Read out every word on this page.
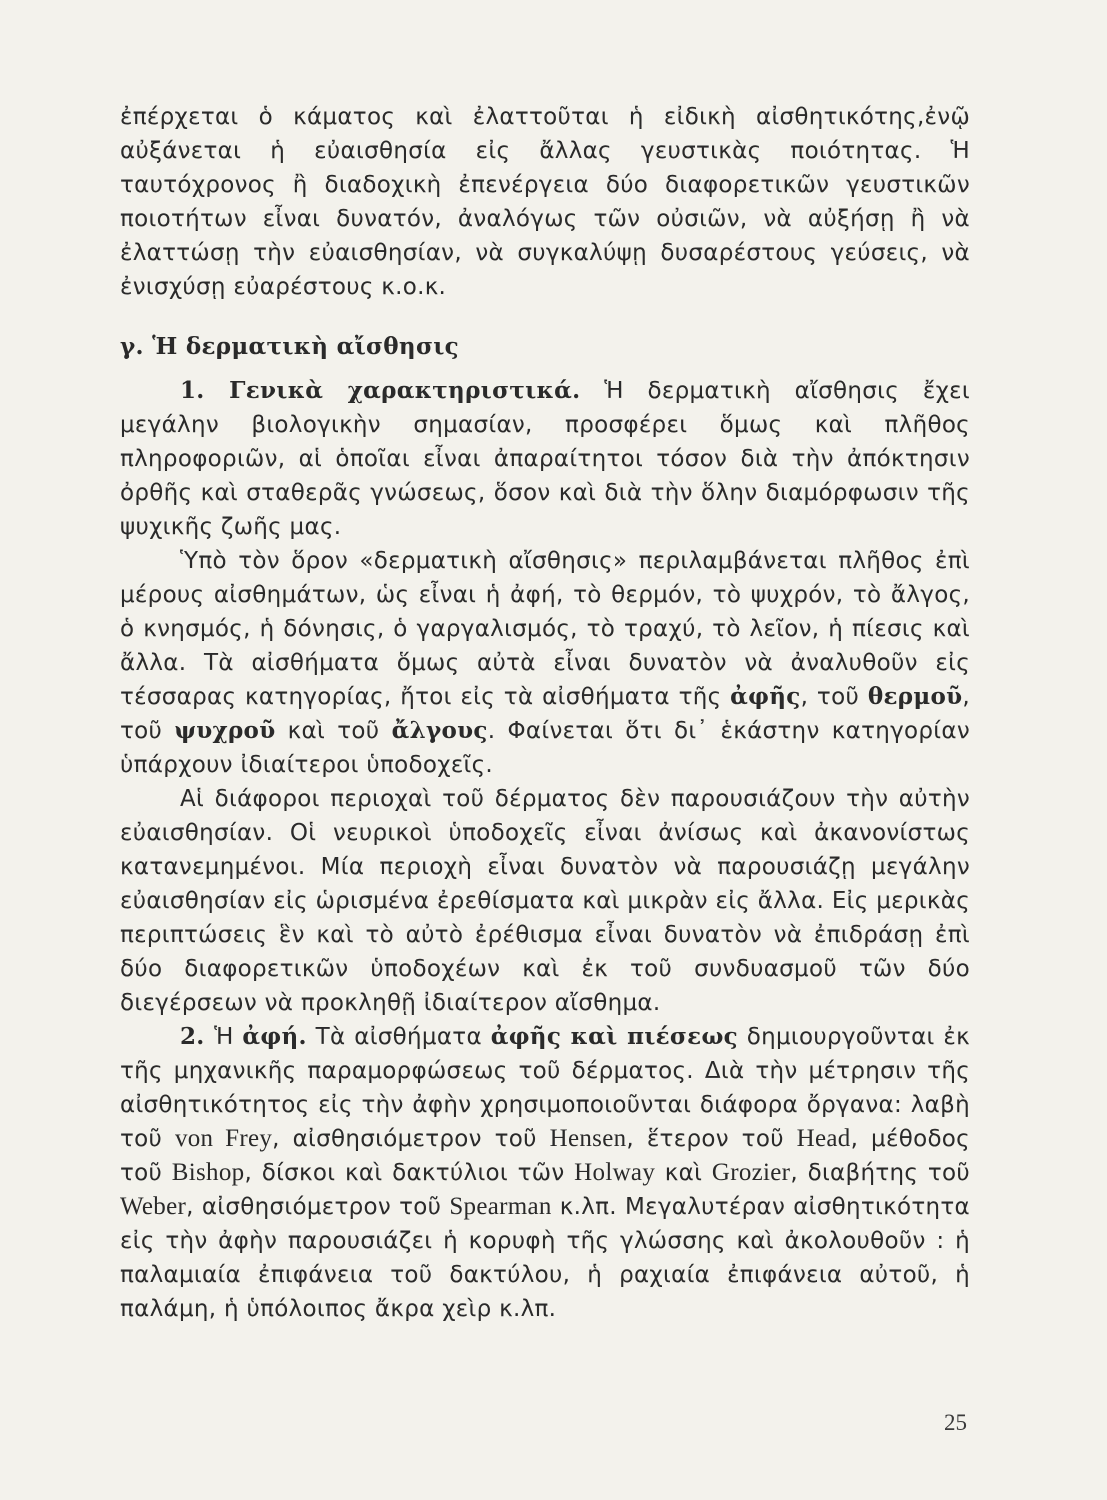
ἐπέρχεται ὁ κάματος καὶ ἐλαττοῦται ἡ εἰδικὴ αἰσθητικότης,ἐνῷ αὐξάνεται ἡ εὐαισθησία εἰς ἄλλας γευστικὰς ποιότητας. Ἡ ταυτόχρονος ἢ διαδοχικὴ ἐπενέργεια δύο διαφορετικῶν γευστικῶν ποιοτήτων εἶναι δυνατόν, ἀναλόγως τῶν οὐσιῶν, νὰ αὐξήσῃ ἢ νὰ ἐλαττώσῃ τὴν εὐαισθησίαν, νὰ συγκαλύψῃ δυσαρέστους γεύσεις, νὰ ἐνισχύσῃ εὐαρέστους κ.ο.κ.

γ. Ἡ δερματικὴ αἴσθησις

1. Γενικὰ χαρακτηριστικά. Ἡ δερματικὴ αἴσθησις ἔχει μεγάλην βιολογικὴν σημασίαν, προσφέρει ὅμως καὶ πλῆθος πληροφοριῶν, αἱ ὁποῖαι εἶναι ἀπαραίτητοι τόσον διὰ τὴν ἀπόκτησιν ὀρθῆς καὶ σταθερᾶς γνώσεως, ὅσον καὶ διὰ τὴν ὅλην διαμόρφωσιν τῆς ψυχικῆς ζωῆς μας.

Ὑπὸ τὸν ὅρον «δερματικὴ αἴσθησις» περιλαμβάνεται πλῆθος ἐπὶ μέρους αἰσθημάτων, ὡς εἶναι ἡ ἀφή, τὸ θερμόν, τὸ ψυχρόν, τὸ ἄλγος, ὁ κνησμός, ἡ δόνησις, ὁ γαργαλισμός, τὸ τραχύ, τὸ λεῖον, ἡ πίεσις καὶ ἄλλα. Τὰ αἰσθήματα ὅμως αὐτὰ εἶναι δυνατὸν νὰ ἀναλυθοῦν εἰς τέσσαρας κατηγορίας, ἤτοι εἰς τὰ αἰσθήματα τῆς ἀφῆς, τοῦ θερμοῦ, τοῦ ψυχροῦ καὶ τοῦ ἄλγους. Φαίνεται ὅτι δι᾽ ἑκάστην κατηγορίαν ὑπάρχουν ἰδιαίτεροι ὑποδοχεῖς.

Αἱ διάφοροι περιοχαὶ τοῦ δέρματος δὲν παρουσιάζουν τὴν αὐτὴν εὐαισθησίαν. Οἱ νευρικοὶ ὑποδοχεῖς εἶναι ἀνίσως καὶ ἀκανονίστως κατανεμημένοι. Μία περιοχὴ εἶναι δυνατὸν νὰ παρουσιάζῃ μεγάλην εὐαισθησίαν εἰς ὡρισμένα ἐρεθίσματα καὶ μικρὰν εἰς ἄλλα. Εἰς μερικὰς περιπτώσεις ἓν καὶ τὸ αὐτὸ ἐρέθισμα εἶναι δυνατὸν νὰ ἐπιδράσῃ ἐπὶ δύο διαφορετικῶν ὑποδοχέων καὶ ἐκ τοῦ συνδυασμοῦ τῶν δύο διεγέρσεων νὰ προκληθῇ ἰδιαίτερον αἴσθημα.

2. Ἡ ἀφή. Τὰ αἰσθήματα ἀφῆς καὶ πιέσεως δημιουργοῦνται ἐκ τῆς μηχανικῆς παραμορφώσεως τοῦ δέρματος. Διὰ τὴν μέτρησιν τῆς αἰσθητικότητος εἰς τὴν ἀφὴν χρησιμοποιοῦνται διάφορα ὄργανα: λαβὴ τοῦ von Frey, αἰσθησιόμετρον τοῦ Hensen, ἕτερον τοῦ Head, μέθοδος τοῦ Bishop, δίσκοι καὶ δακτύλιοι τῶν Holway καὶ Grozier, διαβήτης τοῦ Weber, αἰσθησιόμετρον τοῦ Spearman κ.λπ. Μεγαλυτέραν αἰσθητικότητα εἰς τὴν ἀφὴν παρουσιάζει ἡ κορυφὴ τῆς γλώσσης καὶ ἀκολουθοῦν : ἡ παλαμιαία ἐπιφάνεια τοῦ δακτύλου, ἡ ραχιαία ἐπιφάνεια αὐτοῦ, ἡ παλάμη, ἡ ὑπόλοιπος ἄκρα χεὶρ κ.λπ.

25
